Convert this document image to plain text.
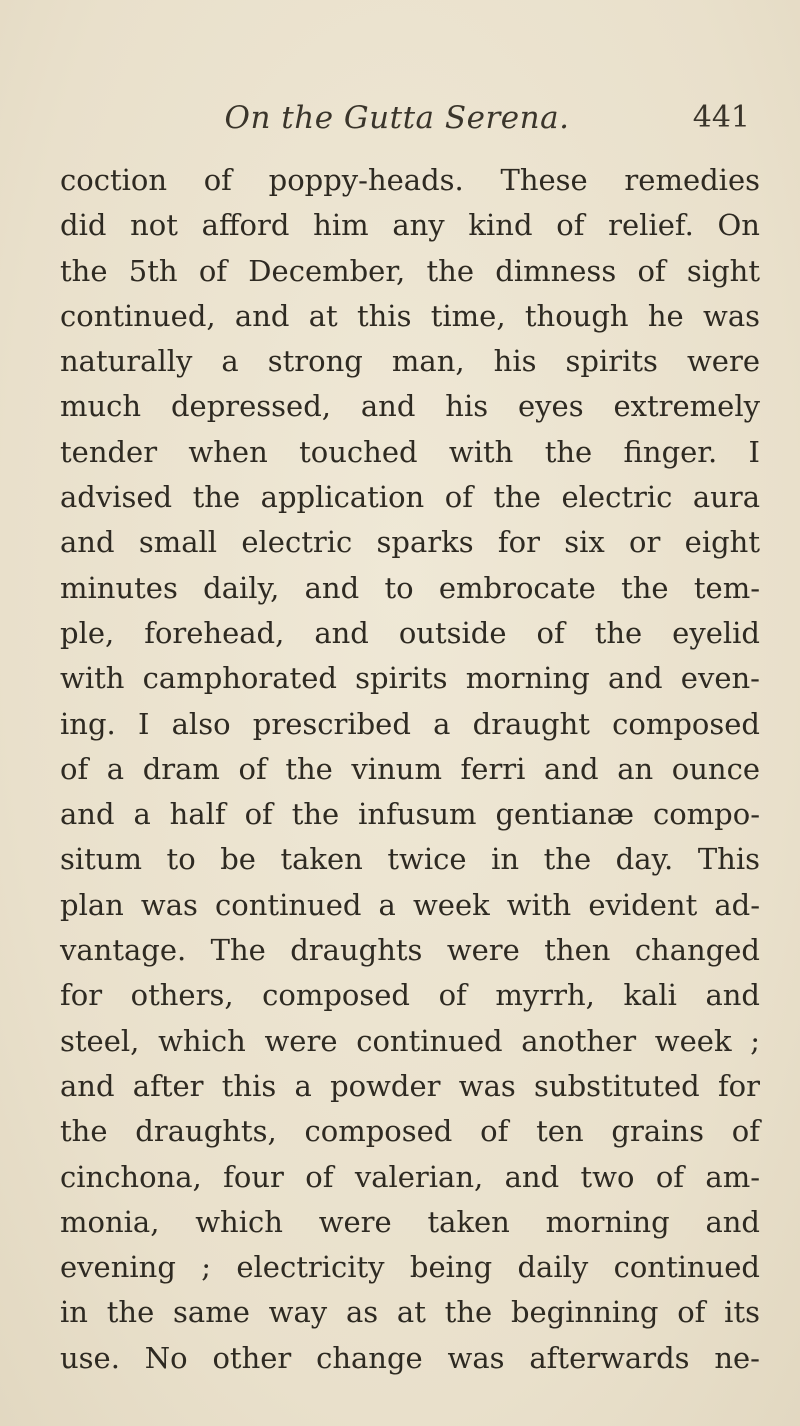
On the Gutta Serena.	441
coction of poppy-heads. These remedies
did not afford him any kind of relief. On
the 5th of December, the dimness of sight
continued, and at this time, though he was
naturally a strong man, his spirits were
much depressed, and his eyes extremely
tender when touched with the finger. I
advised the application of the electric aura
and small electric sparks for six or eight
minutes daily, and to embrocate the tem-
ple, forehead, and outside of the eyelid
with camphorated spirits morning and even-
ing. I also prescribed a draught composed
of a dram of the vinum ferri and an ounce
and a half of the infusum gentianæ compo-
situm to be taken twice in the day. This
plan was continued a week with evident ad-
vantage. The draughts were then changed
for others, composed of myrrh, kali and
steel, which were continued another week ;
and after this a powder was substituted for
the draughts, composed of ten grains of
cinchona, four of valerian, and two of am-
monia, which were taken morning and
evening ; electricity being daily continued
in the same way as at the beginning of its
use. No other change was afterwards ne-
